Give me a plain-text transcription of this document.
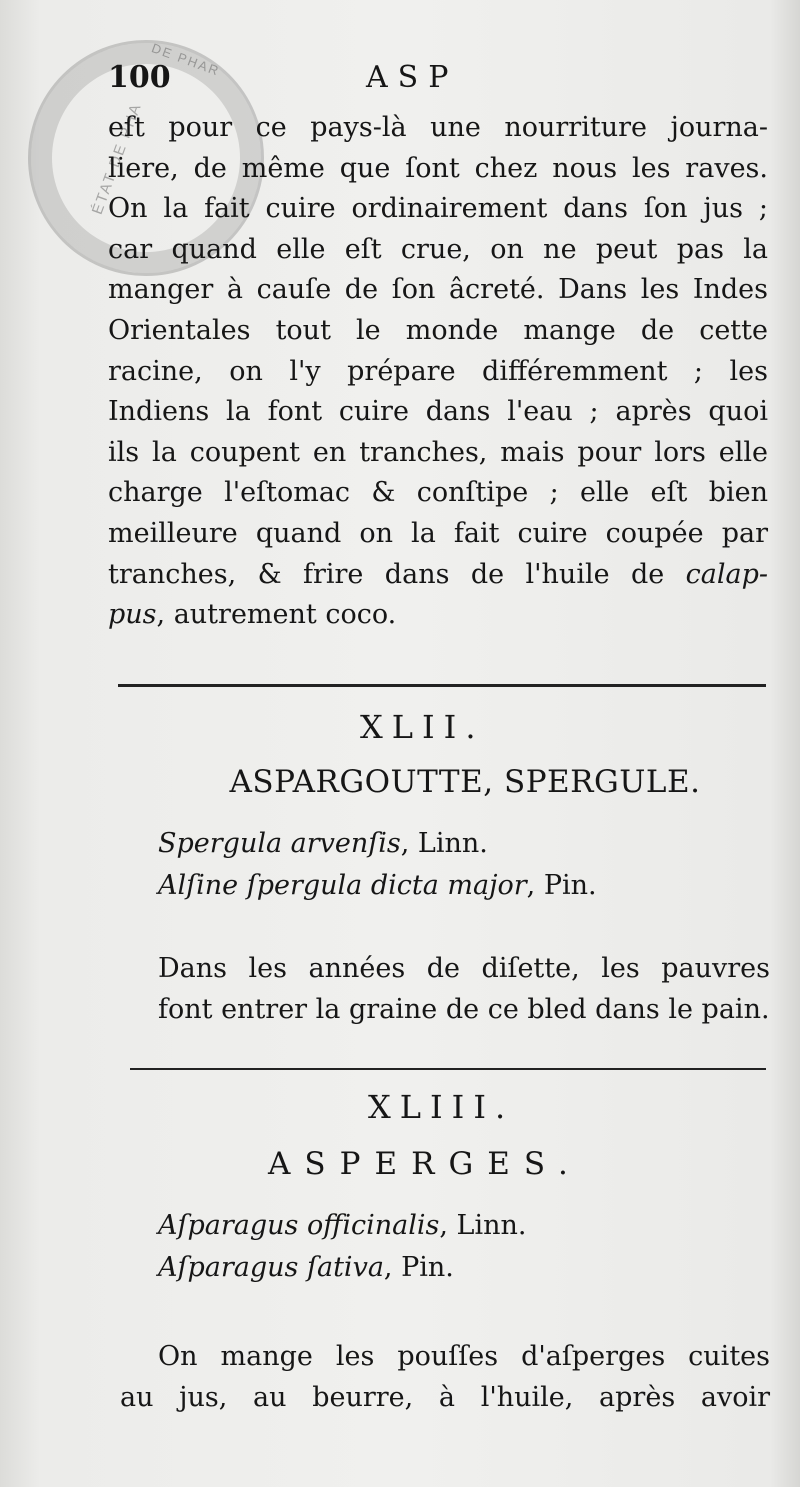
ÉTAT DE PHA
DE PHAR
100	ASP
eſt pour ce pays-là une nourriture journa-
liere, de même que ſont chez nous les raves.
On la fait cuire ordinairement dans ſon jus ;
car quand elle eſt crue, on ne peut pas la
manger à cauſe de ſon âcreté. Dans les Indes
Orientales tout le monde mange de cette
racine, on l'y prépare différemment ; les
Indiens la font cuire dans l'eau ; après quoi
ils la coupent en tranches, mais pour lors elle
charge l'eſtomac & conſtipe ; elle eſt bien
meilleure quand on la fait cuire coupée par
tranches, & frire dans de l'huile de calap-
pus, autrement coco.
XLII.
ASPARGOUTTE, SPERGULE.
Spergula arvenſis, Linn.
Alſine ſpergula dicta major, Pin.
Dans les années de diſette, les pauvres
font entrer la graine de ce bled dans le pain.
XLIII.
ASPERGES.
Aſparagus officinalis, Linn.
Aſparagus ſativa, Pin.
On mange les pouſſes d'aſperges cuites
au jus, au beurre, à l'huile, après avoir
